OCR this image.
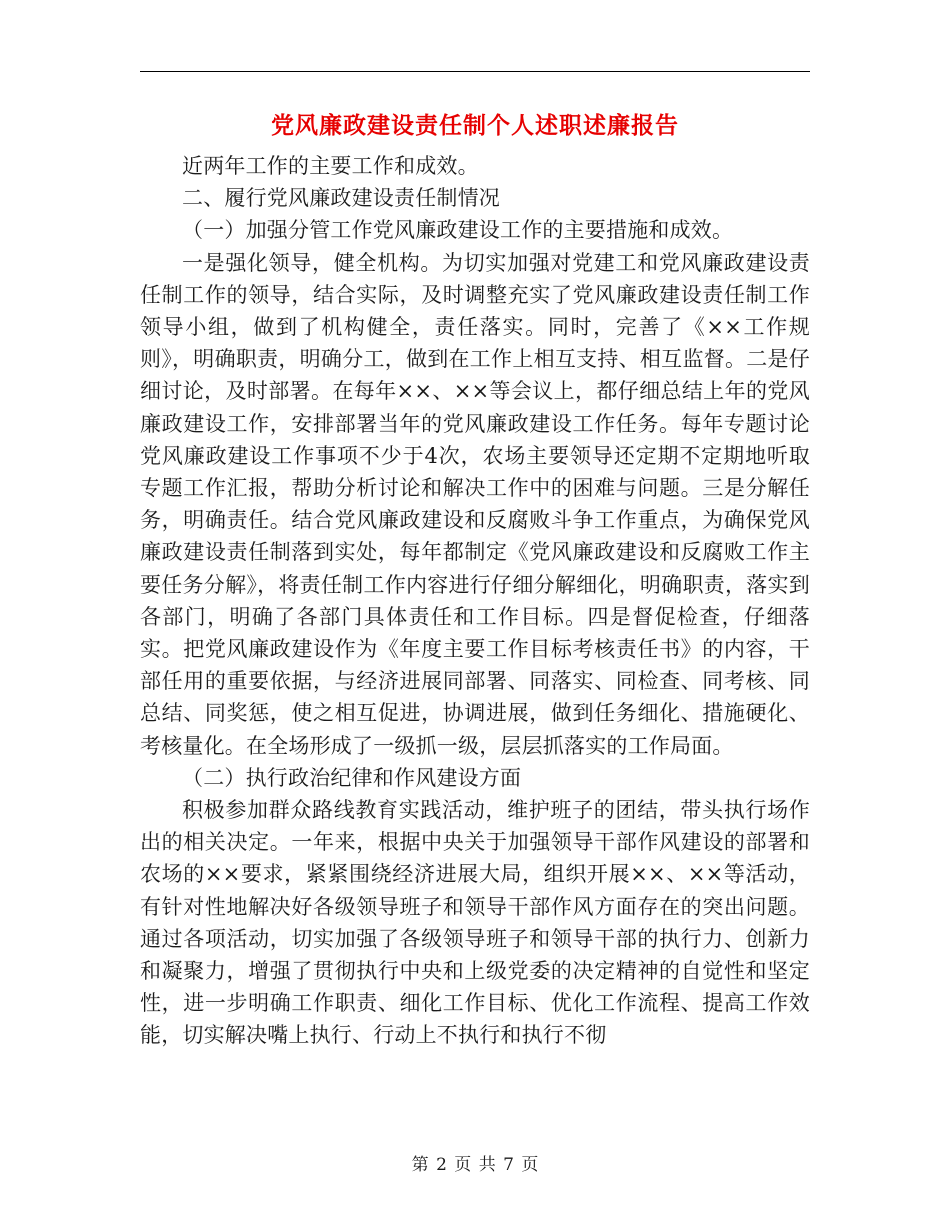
党风廉政建设责任制个人述职述廉报告

近两年工作的主要工作和成效。

二、履行党风廉政建设责任制情况

（一）加强分管工作党风廉政建设工作的主要措施和成效。

一是强化领导，健全机构。为切实加强对党建工和党风廉政建设责任制工作的领导，结合实际，及时调整充实了党风廉政建设责任制工作领导小组，做到了机构健全，责任落实。同时，完善了《××工作规则》，明确职责，明确分工，做到在工作上相互支持、相互监督。二是仔细讨论，及时部署。在每年××、××等会议上，都仔细总结上年的党风廉政建设工作，安排部署当年的党风廉政建设工作任务。每年专题讨论党风廉政建设工作事项不少于4次，农场主要领导还定期不定期地听取专题工作汇报，帮助分析讨论和解决工作中的困难与问题。三是分解任务，明确责任。结合党风廉政建设和反腐败斗争工作重点，为确保党风廉政建设责任制落到实处，每年都制定《党风廉政建设和反腐败工作主要任务分解》，将责任制工作内容进行仔细分解细化，明确职责，落实到各部门，明确了各部门具体责任和工作目标。四是督促检查，仔细落实。把党风廉政建设作为《年度主要工作目标考核责任书》的内容，干部任用的重要依据，与经济进展同部署、同落实、同检查、同考核、同总结、同奖惩，使之相互促进，协调进展，做到任务细化、措施硬化、考核量化。在全场形成了一级抓一级，层层抓落实的工作局面。

（二）执行政治纪律和作风建设方面

积极参加群众路线教育实践活动，维护班子的团结，带头执行场作出的相关决定。一年来，根据中央关于加强领导干部作风建设的部署和农场的××要求，紧紧围绕经济进展大局，组织开展××、××等活动，有针对性地解决好各级领导班子和领导干部作风方面存在的突出问题。通过各项活动，切实加强了各级领导班子和领导干部的执行力、创新力和凝聚力，增强了贯彻执行中央和上级党委的决定精神的自觉性和坚定性，进一步明确工作职责、细化工作目标、优化工作流程、提高工作效能，切实解决嘴上执行、行动上不执行和执行不彻

第 2 页 共 7 页
